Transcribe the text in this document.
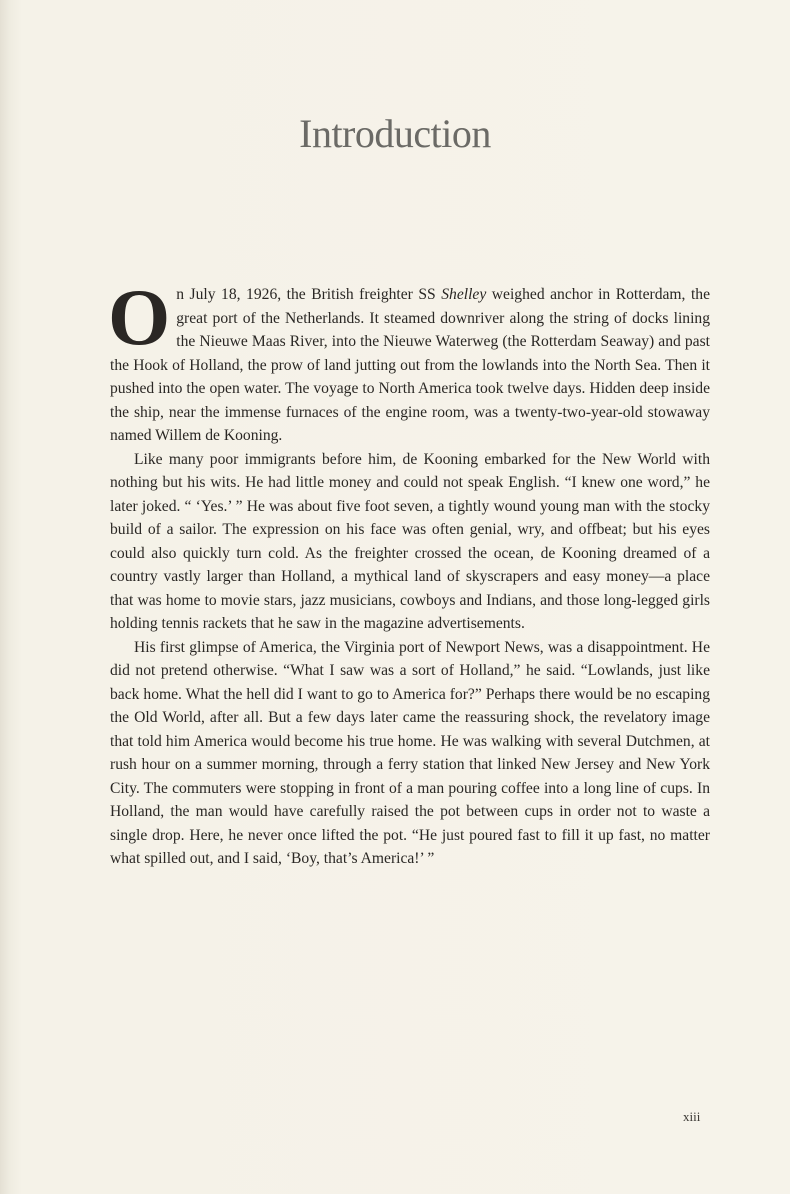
Introduction

On July 18, 1926, the British freighter SS Shelley weighed anchor in Rotterdam, the great port of the Netherlands. It steamed downriver along the string of docks lining the Nieuwe Maas River, into the Nieuwe Waterweg (the Rotterdam Seaway) and past the Hook of Holland, the prow of land jutting out from the lowlands into the North Sea. Then it pushed into the open water. The voyage to North America took twelve days. Hidden deep inside the ship, near the immense furnaces of the engine room, was a twenty-two-year-old stowaway named Willem de Kooning.

Like many poor immigrants before him, de Kooning embarked for the New World with nothing but his wits. He had little money and could not speak English. “I knew one word,” he later joked. “ ‘Yes.’ ” He was about five foot seven, a tightly wound young man with the stocky build of a sailor. The expression on his face was often genial, wry, and offbeat; but his eyes could also quickly turn cold. As the freighter crossed the ocean, de Kooning dreamed of a country vastly larger than Holland, a mythical land of skyscrapers and easy money—a place that was home to movie stars, jazz musicians, cowboys and Indians, and those long-legged girls holding tennis rackets that he saw in the magazine advertisements.

His first glimpse of America, the Virginia port of Newport News, was a disappointment. He did not pretend otherwise. “What I saw was a sort of Holland,” he said. “Lowlands, just like back home. What the hell did I want to go to America for?” Perhaps there would be no escaping the Old World, after all. But a few days later came the reassuring shock, the revelatory image that told him America would become his true home. He was walking with several Dutchmen, at rush hour on a summer morning, through a ferry station that linked New Jersey and New York City. The commuters were stopping in front of a man pouring coffee into a long line of cups. In Holland, the man would have carefully raised the pot between cups in order not to waste a single drop. Here, he never once lifted the pot. “He just poured fast to fill it up fast, no matter what spilled out, and I said, ‘Boy, that’s America!’ ”

xiii
